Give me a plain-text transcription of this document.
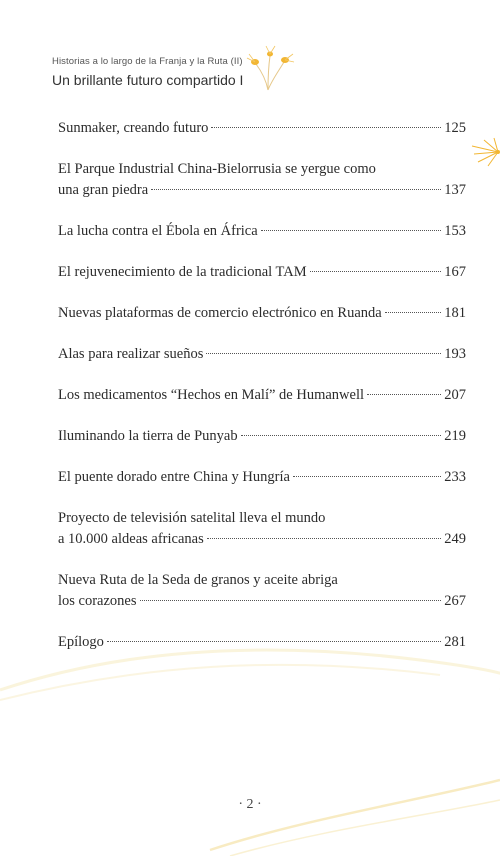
Historias a lo largo de la Franja y la Ruta (II)
Un brillante futuro compartido I
Sunmaker, creando futuro	125
El Parque Industrial China-Bielorrusia se yergue como
una gran piedra	137
La lucha contra el Ébola en África	153
El rejuvenecimiento de la tradicional TAM	167
Nuevas plataformas de comercio electrónico en Ruanda	181
Alas para realizar sueños	193
Los medicamentos “Hechos en Malí” de Humanwell	207
Iluminando la tierra de Punyab	219
El puente dorado entre China y Hungría	233
Proyecto de televisión satelital lleva el mundo
a 10.000 aldeas africanas	249
Nueva Ruta de la Seda de granos y aceite abriga
los corazones	267
Epílogo	281
· 2 ·
